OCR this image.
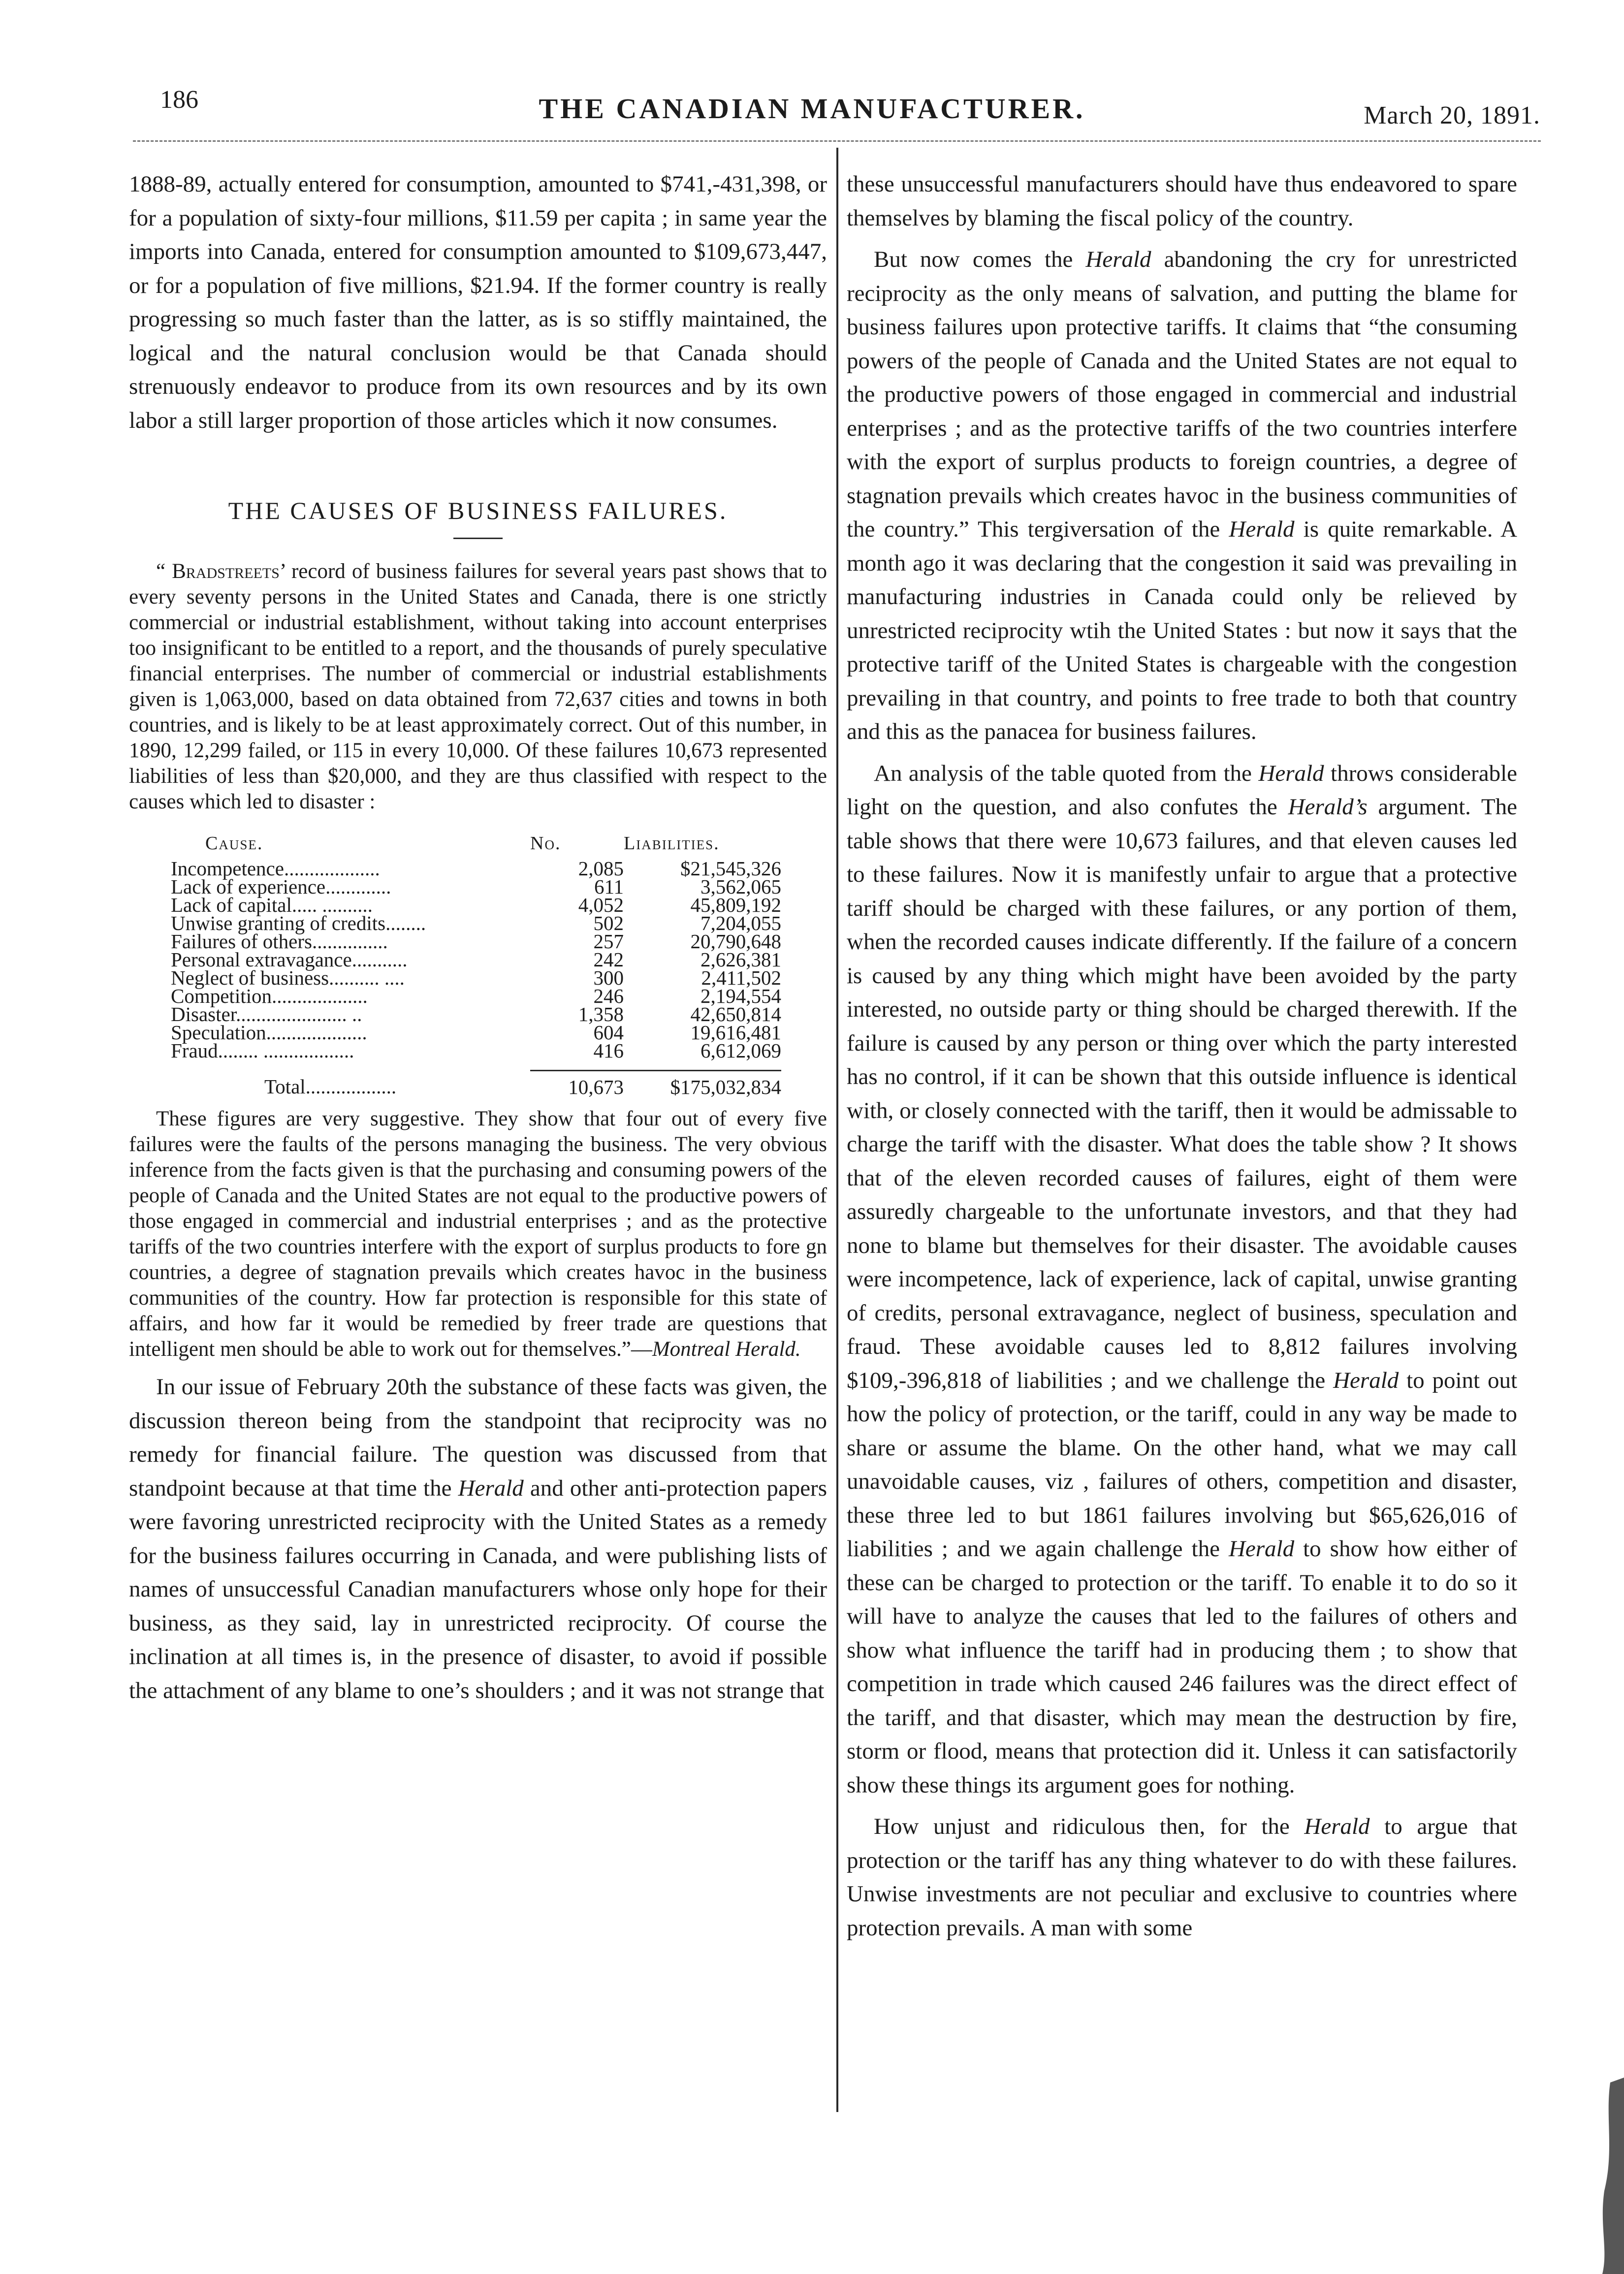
186	THE CANADIAN MANUFACTURER.	March 20, 1891.

1888-89, actually entered for consumption, amounted to $741,-431,398, or for a population of sixty-four millions, $11.59 per capita ; in same year the imports into Canada, entered for consumption amounted to $109,673,447, or for a population of five millions, $21.94. If the former country is really progressing so much faster than the latter, as is so stiffly maintained, the logical and the natural conclusion would be that Canada should strenuously endeavor to produce from its own resources and by its own labor a still larger proportion of those articles which it now consumes.

THE CAUSES OF BUSINESS FAILURES.

“ Bradstreets’ record of business failures for several years past shows that to every seventy persons in the United States and Canada, there is one strictly commercial or industrial establishment, without taking into account enterprises too insignificant to be entitled to a report, and the thousands of purely speculative financial enterprises. The number of commercial or industrial establishments given is 1,063,000, based on data obtained from 72,637 cities and towns in both countries, and is likely to be at least approximately correct. Out of this number, in 1890, 12,299 failed, or 115 in every 10,000. Of these failures 10,673 represented liabilities of less than $20,000, and they are thus classified with respect to the causes which led to disaster :

Cause.	No.	Liabilities.
Incompetence...................	2,085	$21,545,326
Lack of experience.............	611	3,562,065
Lack of capital..... ..........	4,052	45,809,192
Unwise granting of credits........	502	7,204,055
Failures of others...............	257	20,790,648
Personal extravagance...........	242	2,626,381
Neglect of business.......... ....	300	2,411,502
Competition...................	246	2,194,554
Disaster...................... ..	1,358	42,650,814
Speculation....................	604	19,616,481
Fraud........ ..................	416	6,612,069

Total..................	10,673	$175,032,834

These figures are very suggestive. They show that four out of every five failures were the faults of the persons managing the business. The very obvious inference from the facts given is that the purchasing and consuming powers of the people of Canada and the United States are not equal to the productive powers of those engaged in commercial and industrial enterprises ; and as the protective tariffs of the two countries interfere with the export of surplus products to fore gn countries, a degree of stagnation prevails which creates havoc in the business communities of the country. How far protection is responsible for this state of affairs, and how far it would be remedied by freer trade are questions that intelligent men should be able to work out for themselves.”—Montreal Herald.

In our issue of February 20th the substance of these facts was given, the discussion thereon being from the standpoint that reciprocity was no remedy for financial failure. The question was discussed from that standpoint because at that time the Herald and other anti-protection papers were favoring unrestricted reciprocity with the United States as a remedy for the business failures occurring in Canada, and were publishing lists of names of unsuccessful Canadian manufacturers whose only hope for their business, as they said, lay in unrestricted reciprocity. Of course the inclination at all times is, in the presence of disaster, to avoid if possible the attachment of any blame to one’s shoulders ; and it was not strange that

these unsuccessful manufacturers should have thus endeavored to spare themselves by blaming the fiscal policy of the country.

But now comes the Herald abandoning the cry for unrestricted reciprocity as the only means of salvation, and putting the blame for business failures upon protective tariffs. It claims that “the consuming powers of the people of Canada and the United States are not equal to the productive powers of those engaged in commercial and industrial enterprises ; and as the protective tariffs of the two countries interfere with the export of surplus products to foreign countries, a degree of stagnation prevails which creates havoc in the business communities of the country.” This tergiversation of the Herald is quite remarkable. A month ago it was declaring that the congestion it said was prevailing in manufacturing industries in Canada could only be relieved by unrestricted reciprocity wtih the United States : but now it says that the protective tariff of the United States is chargeable with the congestion prevailing in that country, and points to free trade to both that country and this as the panacea for business failures.

An analysis of the table quoted from the Herald throws considerable light on the question, and also confutes the Herald’s argument. The table shows that there were 10,673 failures, and that eleven causes led to these failures. Now it is manifestly unfair to argue that a protective tariff should be charged with these failures, or any portion of them, when the recorded causes indicate differently. If the failure of a concern is caused by any thing which might have been avoided by the party interested, no outside party or thing should be charged therewith. If the failure is caused by any person or thing over which the party interested has no control, if it can be shown that this outside influence is identical with, or closely connected with the tariff, then it would be admissable to charge the tariff with the disaster. What does the table show ? It shows that of the eleven recorded causes of failures, eight of them were assuredly chargeable to the unfortunate investors, and that they had none to blame but themselves for their disaster. The avoidable causes were incompetence, lack of experience, lack of capital, unwise granting of credits, personal extravagance, neglect of business, speculation and fraud. These avoidable causes led to 8,812 failures involving $109,-396,818 of liabilities ; and we challenge the Herald to point out how the policy of protection, or the tariff, could in any way be made to share or assume the blame. On the other hand, what we may call unavoidable causes, viz , failures of others, competition and disaster, these three led to but 1861 failures involving but $65,626,016 of liabilities ; and we again challenge the Herald to show how either of these can be charged to protection or the tariff. To enable it to do so it will have to analyze the causes that led to the failures of others and show what influence the tariff had in producing them ; to show that competition in trade which caused 246 failures was the direct effect of the tariff, and that disaster, which may mean the destruction by fire, storm or flood, means that protection did it. Unless it can satisfactorily show these things its argument goes for nothing.

How unjust and ridiculous then, for the Herald to argue that protection or the tariff has any thing whatever to do with these failures. Unwise investments are not peculiar and exclusive to countries where protection prevails. A man with some
